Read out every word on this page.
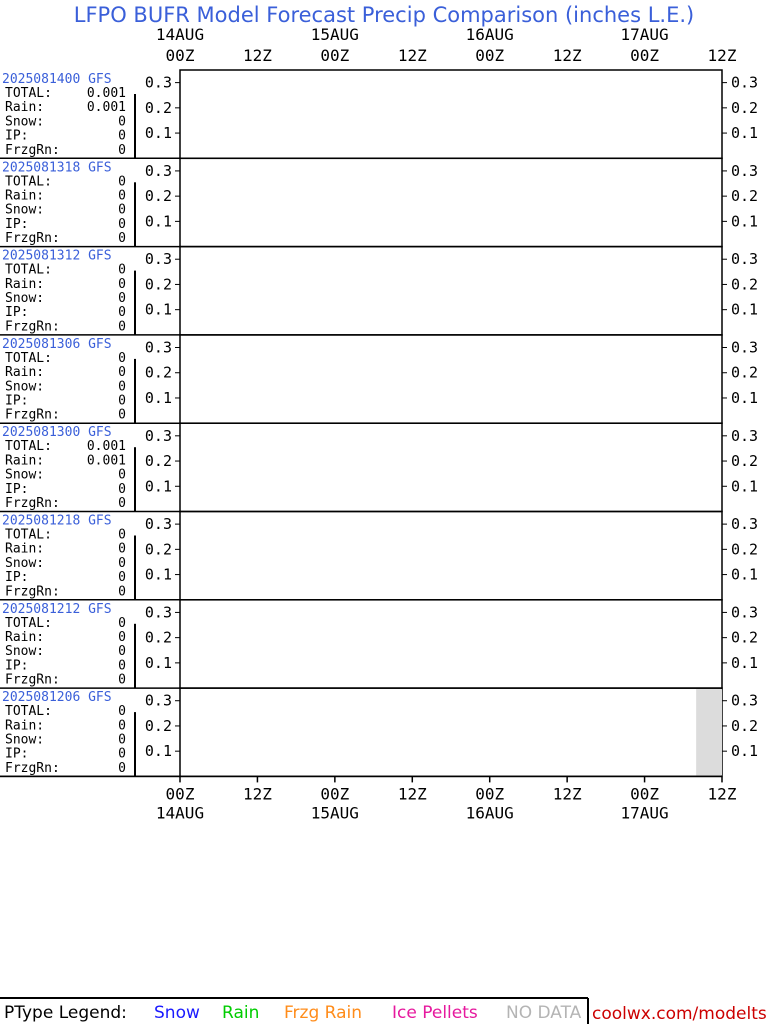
LFPO BUFR Model Forecast Precip Comparison (inches L.E.)
00Z	12Z	00Z	12Z	00Z	12Z	00Z	12Z
14AUG	15AUG	16AUG	17AUG
2025081400 GFS
TOTAL:	0.001
Rain:	0.001
Snow:	0
IP:	0
FrzgRn:	0
0.3	0.3
0.2	0.2
0.1	0.1
2025081318 GFS
TOTAL:	0
Rain:	0
Snow:	0
IP:	0
FrzgRn:	0
0.3	0.3
0.2	0.2
0.1	0.1
2025081312 GFS
TOTAL:	0
Rain:	0
Snow:	0
IP:	0
FrzgRn:	0
0.3	0.3
0.2	0.2
0.1	0.1
2025081306 GFS
TOTAL:	0
Rain:	0
Snow:	0
IP:	0
FrzgRn:	0
0.3	0.3
0.2	0.2
0.1	0.1
2025081300 GFS
TOTAL:	0.001
Rain:	0.001
Snow:	0
IP:	0
FrzgRn:	0
0.3	0.3
0.2	0.2
0.1	0.1
2025081218 GFS
TOTAL:	0
Rain:	0
Snow:	0
IP:	0
FrzgRn:	0
0.3	0.3
0.2	0.2
0.1	0.1
2025081212 GFS
TOTAL:	0
Rain:	0
Snow:	0
IP:	0
FrzgRn:	0
0.3	0.3
0.2	0.2
0.1	0.1
2025081206 GFS
TOTAL:	0
Rain:	0
Snow:	0
IP:	0
FrzgRn:	0
0.3	0.3
0.2	0.2
0.1	0.1
00Z	12Z	00Z	12Z	00Z	12Z	00Z	12Z
14AUG	15AUG	16AUG	17AUG
PType Legend: Snow Rain Frzg Rain Ice Pellets NO DATA coolwx.com/modelts
